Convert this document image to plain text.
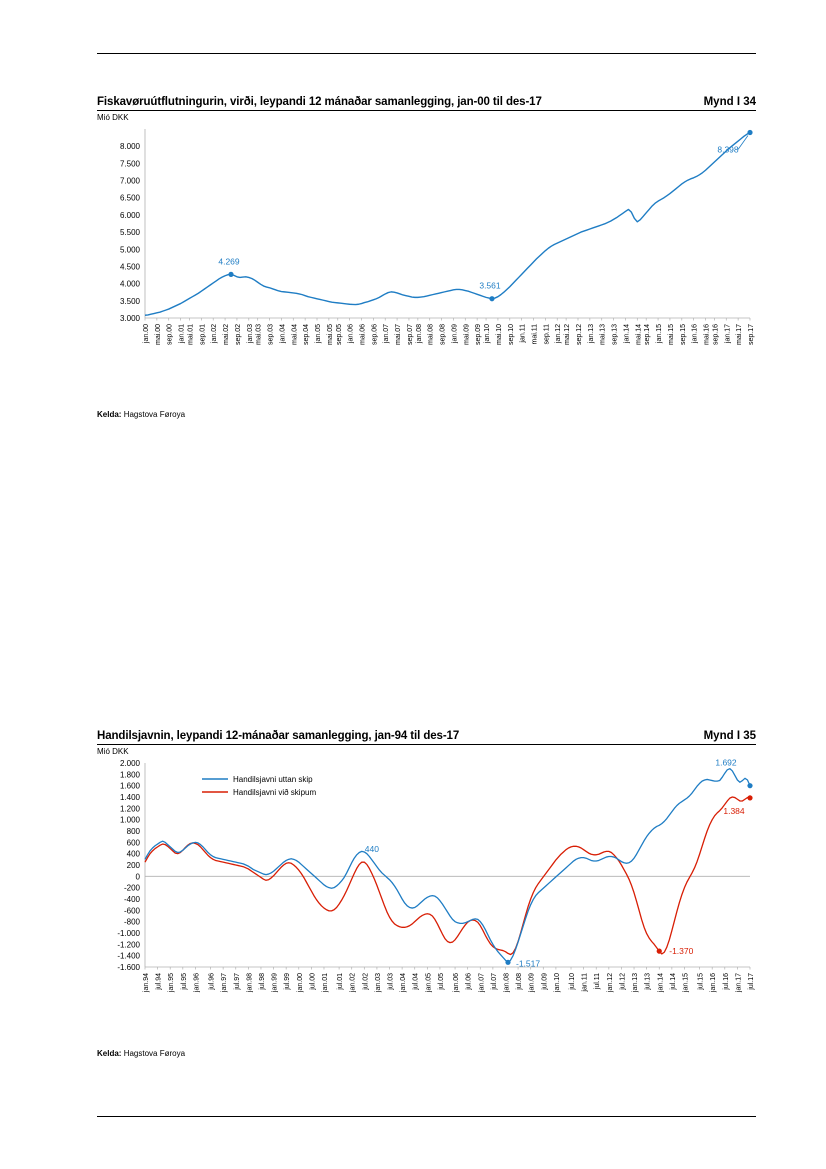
Fiskavøruútflutningurin, virði, leypandi 12 mánaðar samanlegging, jan-00 til des-17	Mynd I 34
Mió DKK
3.000
3.500
4.000
4.500
5.000
5.500
6.000
6.500
7.000
7.500
8.000
jan.00 mai.00 sep.00 jan.01 mai.01 sep.01 jan.02 mai.02 sep.02 jan.03 mai.03 sep.03 jan.04 mai.04 sep.04 jan.05 mai.05 sep.05 jan.06 mai.06 sep.06 jan.07 mai.07 sep.07 jan.08 mai.08 sep.08 jan.09 mai.09 sep.09 jan.10 mai.10 sep.10 jan.11 mai.11 sep.11 jan.12 mai.12 sep.12 jan.13 mai.13 sep.13 jan.14 mai.14 sep.14 jan.15 mai.15 sep.15 jan.16 mai.16 sep.16 jan.17 mai.17 sep.17
4.269
3.561
8.398
Kelda: Hagstova Føroya
Handilsjavnin, leypandi 12-mánaðar samanlegging, jan-94 til des-17	Mynd I 35
Mió DKK
2.000
1.800
1.600
1.400
1.200
1.000
800
600
400
200
0
-200
-400
-600
-800
-1.000
-1.200
-1.400
-1.600
jan.94 jul.94 jan.95 jul.95 jan.96 jul.96 jan.97 jul.97 jan.98 jul.98 jan.99 jul.99 jan.00 jul.00 jan.01 jul.01 jan.02 jul.02 jan.03 jul.03 jan.04 jul.04 jan.05 jul.05 jan.06 jul.06 jan.07 jul.07 jan.08 jul.08 jan.09 jul.09 jan.10 jul.10 jan.11 jul.11 jan.12 jul.12 jan.13 jul.13 jan.14 jul.14 jan.15 jul.15 jan.16 jul.16 jan.17 jul.17
Handilsjavni uttan skip
Handilsjavni við skipum
440
-1.517
1.692
-1.370
1.384
Kelda: Hagstova Føroya
